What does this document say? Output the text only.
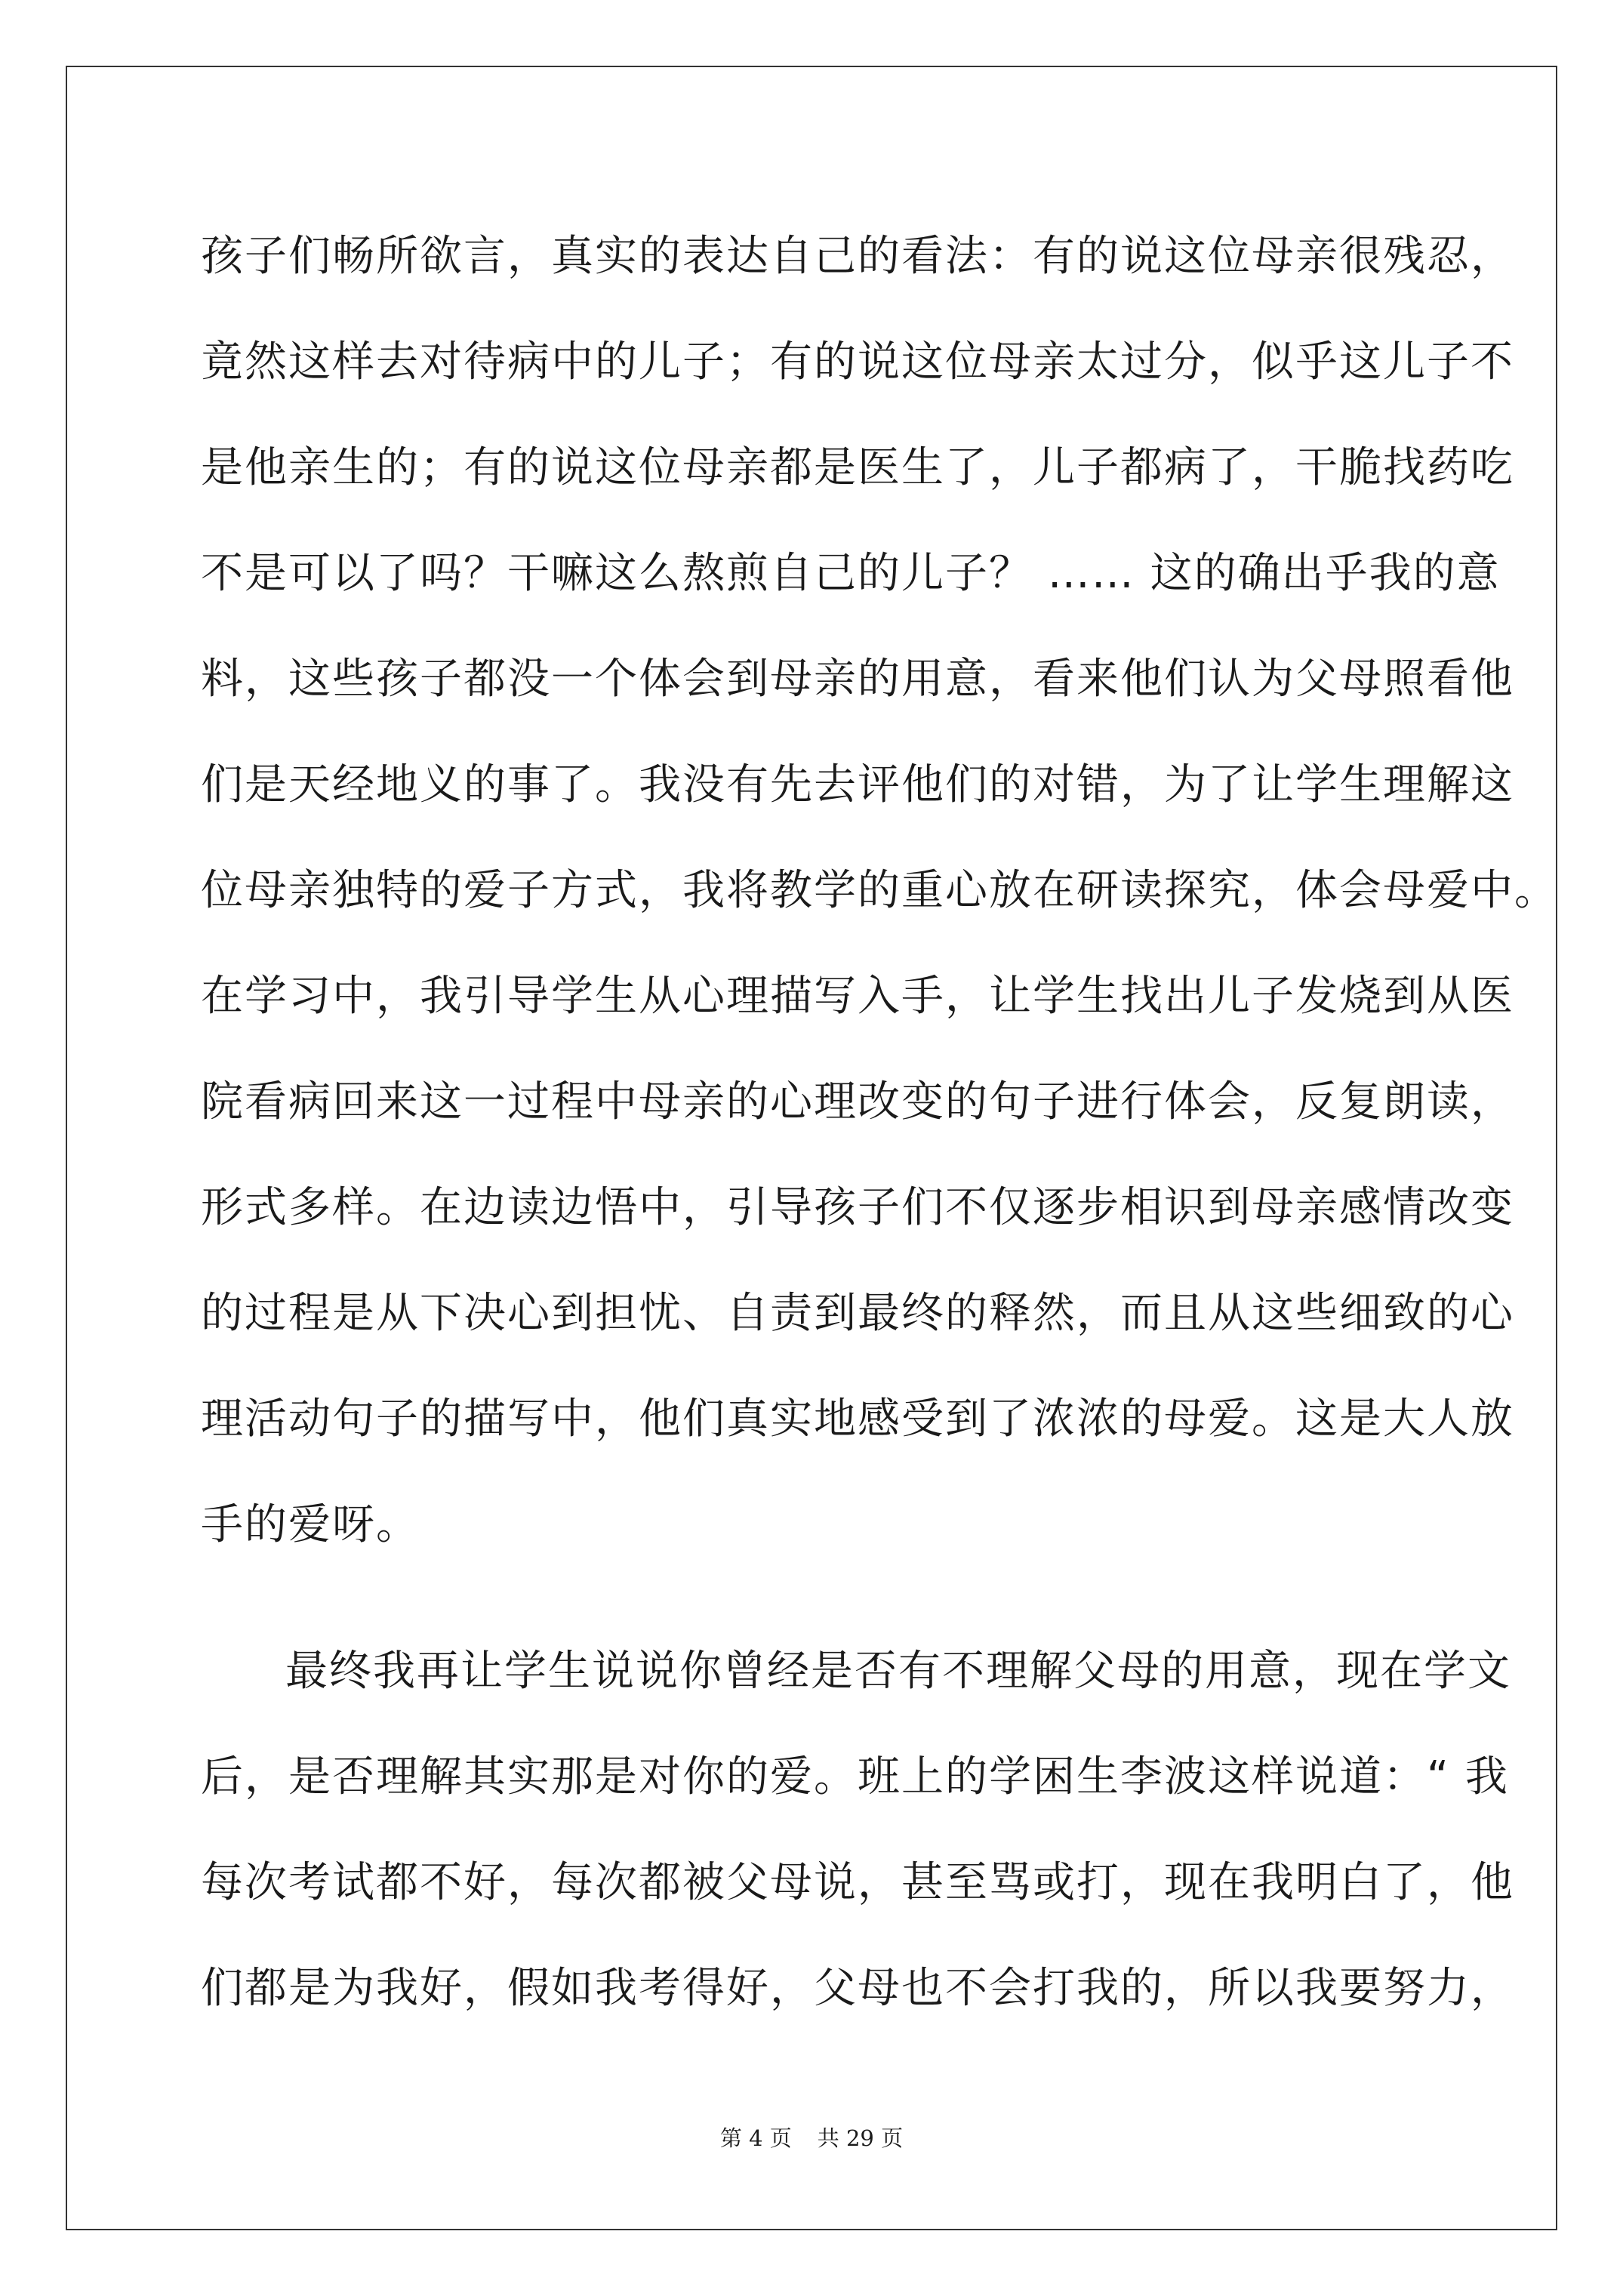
孩子们畅所欲言，真实的表达自己的看法：有的说这位母亲很残忍，
竟然这样去对待病中的儿子；有的说这位母亲太过分，似乎这儿子不
是他亲生的；有的说这位母亲都是医生了，儿子都病了，干脆找药吃
不是可以了吗？干嘛这么熬煎自己的儿子？ …… 这的确出乎我的意
料，这些孩子都没一个体会到母亲的用意，看来他们认为父母照看他
们是天经地义的事了。我没有先去评他们的对错，为了让学生理解这
位母亲独特的爱子方式，我将教学的重心放在研读探究，体会母爱中。
在学习中，我引导学生从心理描写入手，让学生找出儿子发烧到从医
院看病回来这一过程中母亲的心理改变的句子进行体会，反复朗读，
形式多样。在边读边悟中，引导孩子们不仅逐步相识到母亲感情改变
的过程是从下决心到担忧、自责到最终的释然，而且从这些细致的心
理活动句子的描写中，他们真实地感受到了浓浓的母爱。这是大人放
手的爱呀。
最终我再让学生说说你曾经是否有不理解父母的用意，现在学文
后，是否理解其实那是对你的爱。班上的学困生李波这样说道：“ 我
每次考试都不好，每次都被父母说，甚至骂或打，现在我明白了，他
们都是为我好，假如我考得好，父母也不会打我的，所以我要努力，
第 4 页 共 29 页
